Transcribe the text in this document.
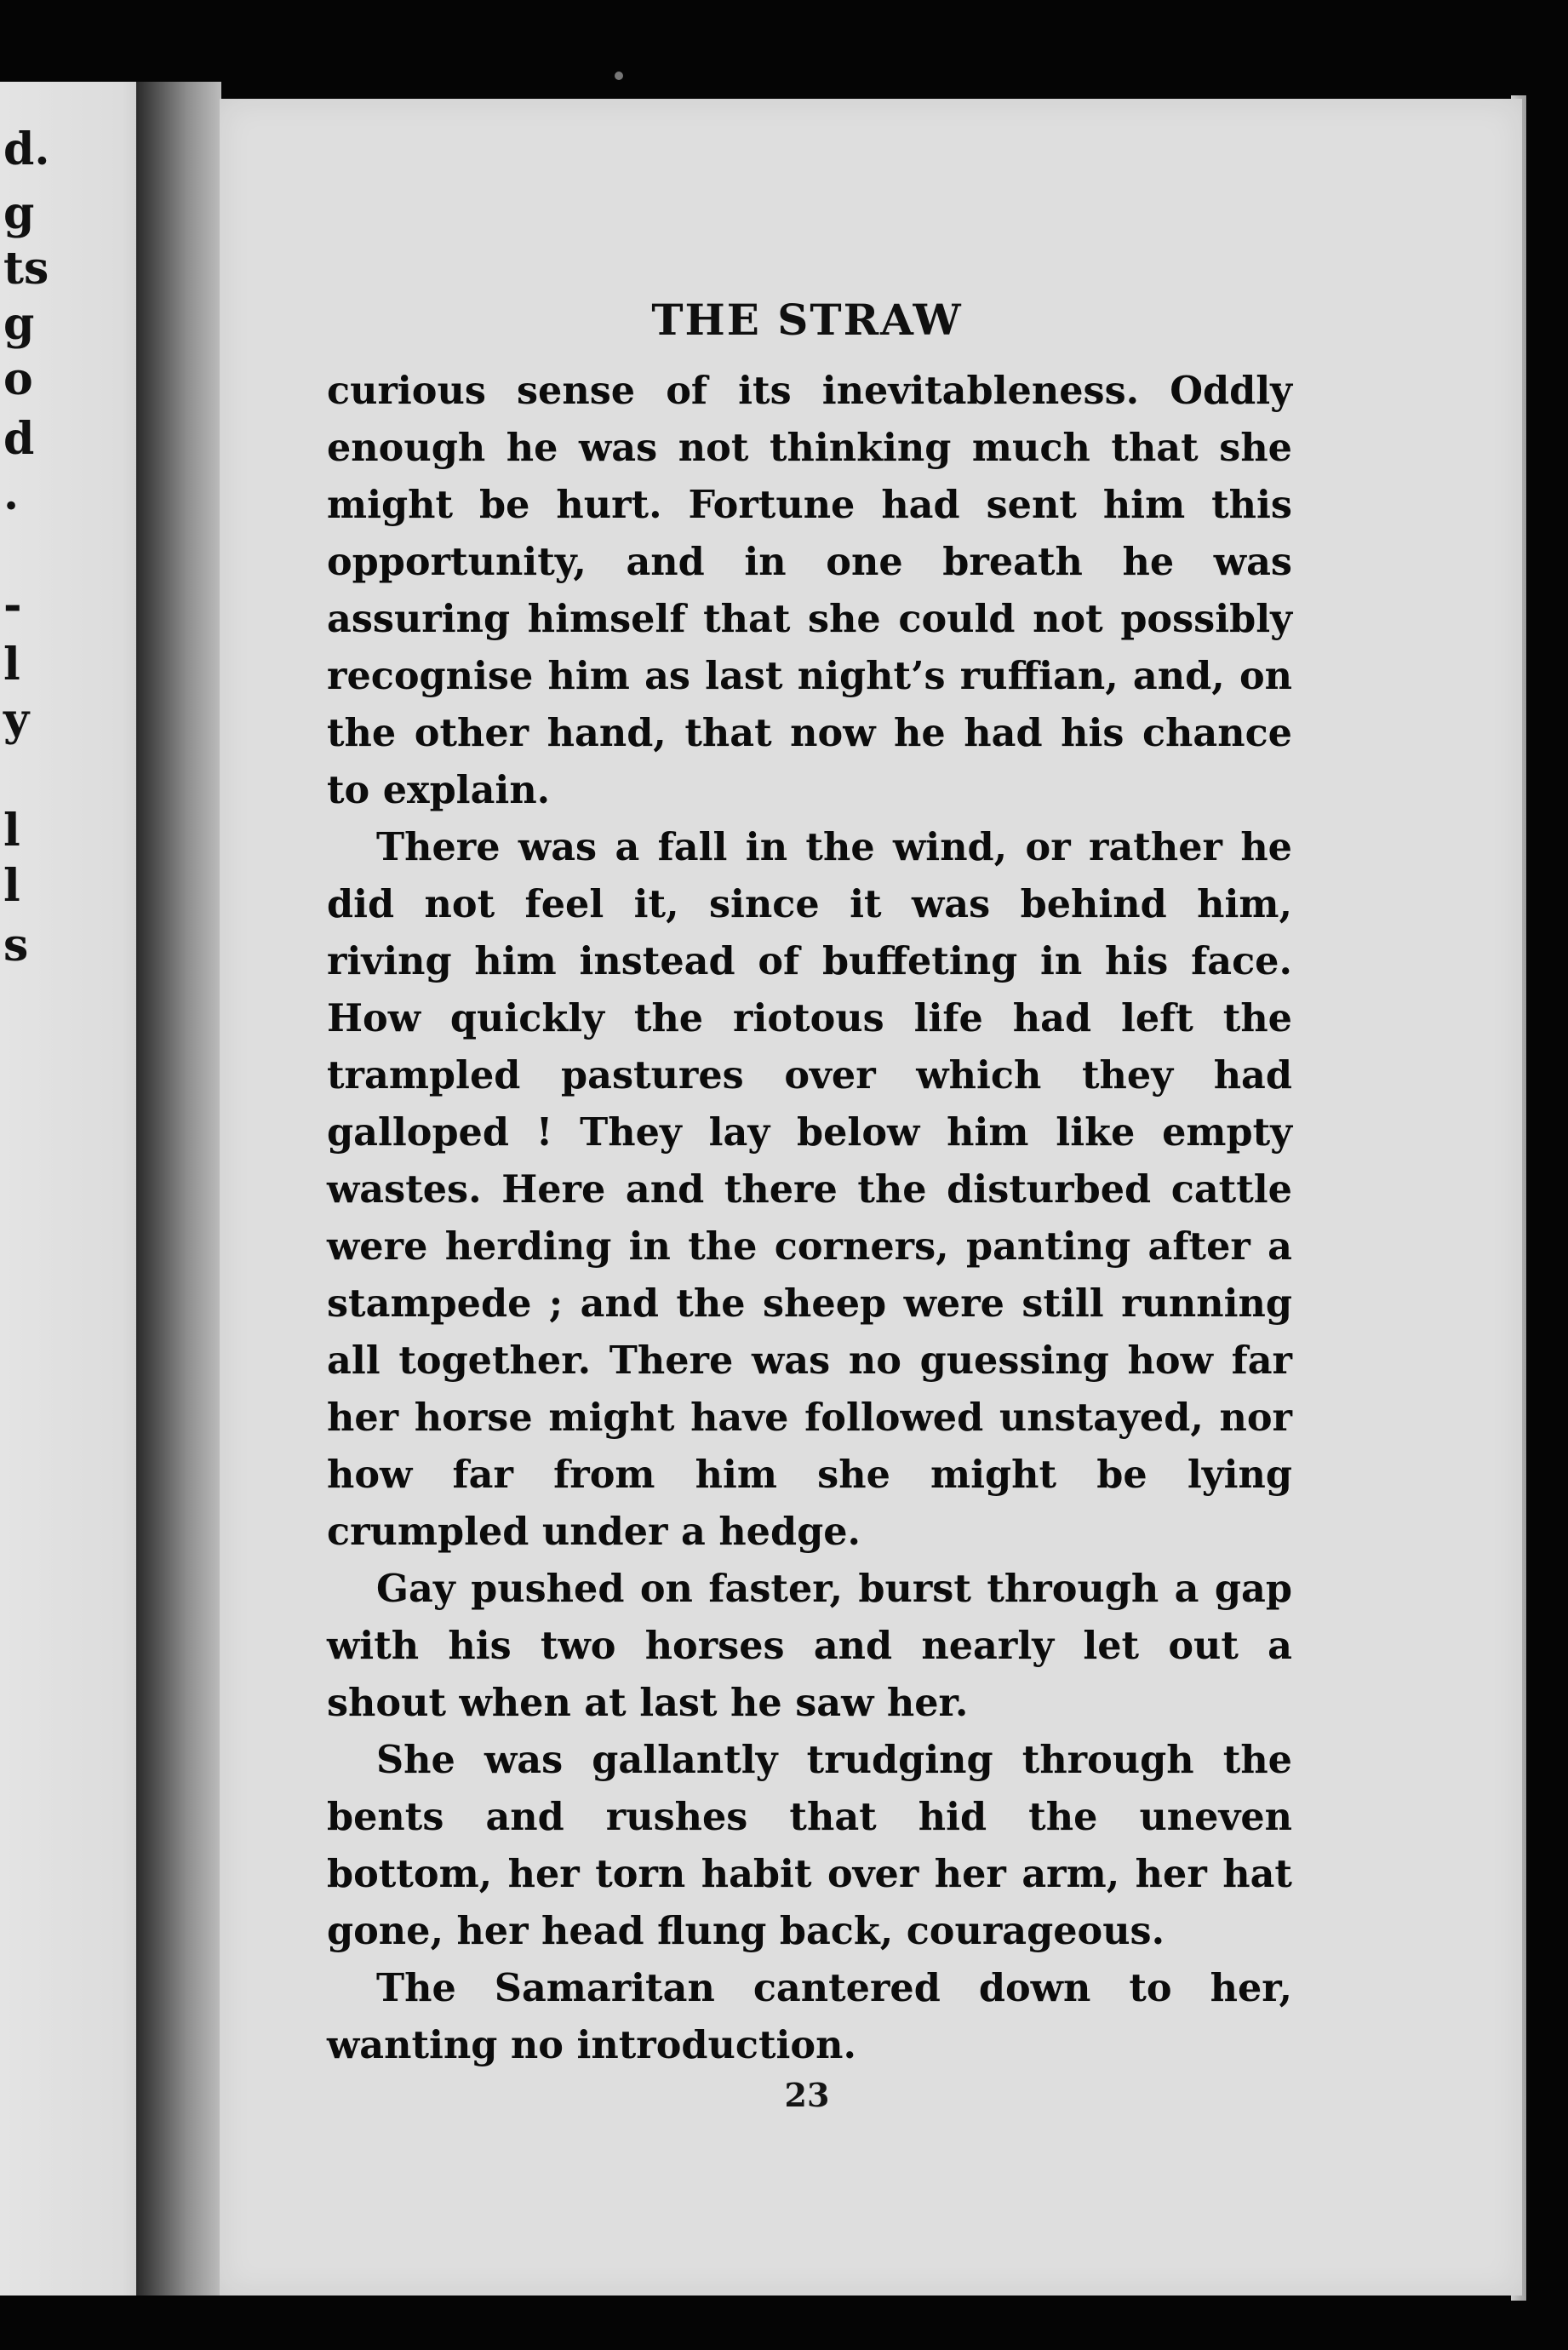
d.
g
ts
g
o
d
.
-
l
y
l
l
s
THE STRAW

curious sense of its inevitableness. Oddly enough he was not thinking much that she might be hurt. Fortune had sent him this opportunity, and in one breath he was assuring himself that she could not possibly recognise him as last night’s ruffian, and, on the other hand, that now he had his chance to explain.

There was a fall in the wind, or rather he did not feel it, since it was behind him, riving him instead of buffeting in his face. How quickly the riotous life had left the trampled pastures over which they had galloped ! They lay below him like empty wastes. Here and there the disturbed cattle were herding in the corners, panting after a stampede ; and the sheep were still running all together. There was no guessing how far her horse might have followed unstayed, nor how far from him she might be lying crumpled under a hedge.

Gay pushed on faster, burst through a gap with his two horses and nearly let out a shout when at last he saw her.

She was gallantly trudging through the bents and rushes that hid the uneven bottom, her torn habit over her arm, her hat gone, her head flung back, courageous.

The Samaritan cantered down to her, wanting no introduction.

23
